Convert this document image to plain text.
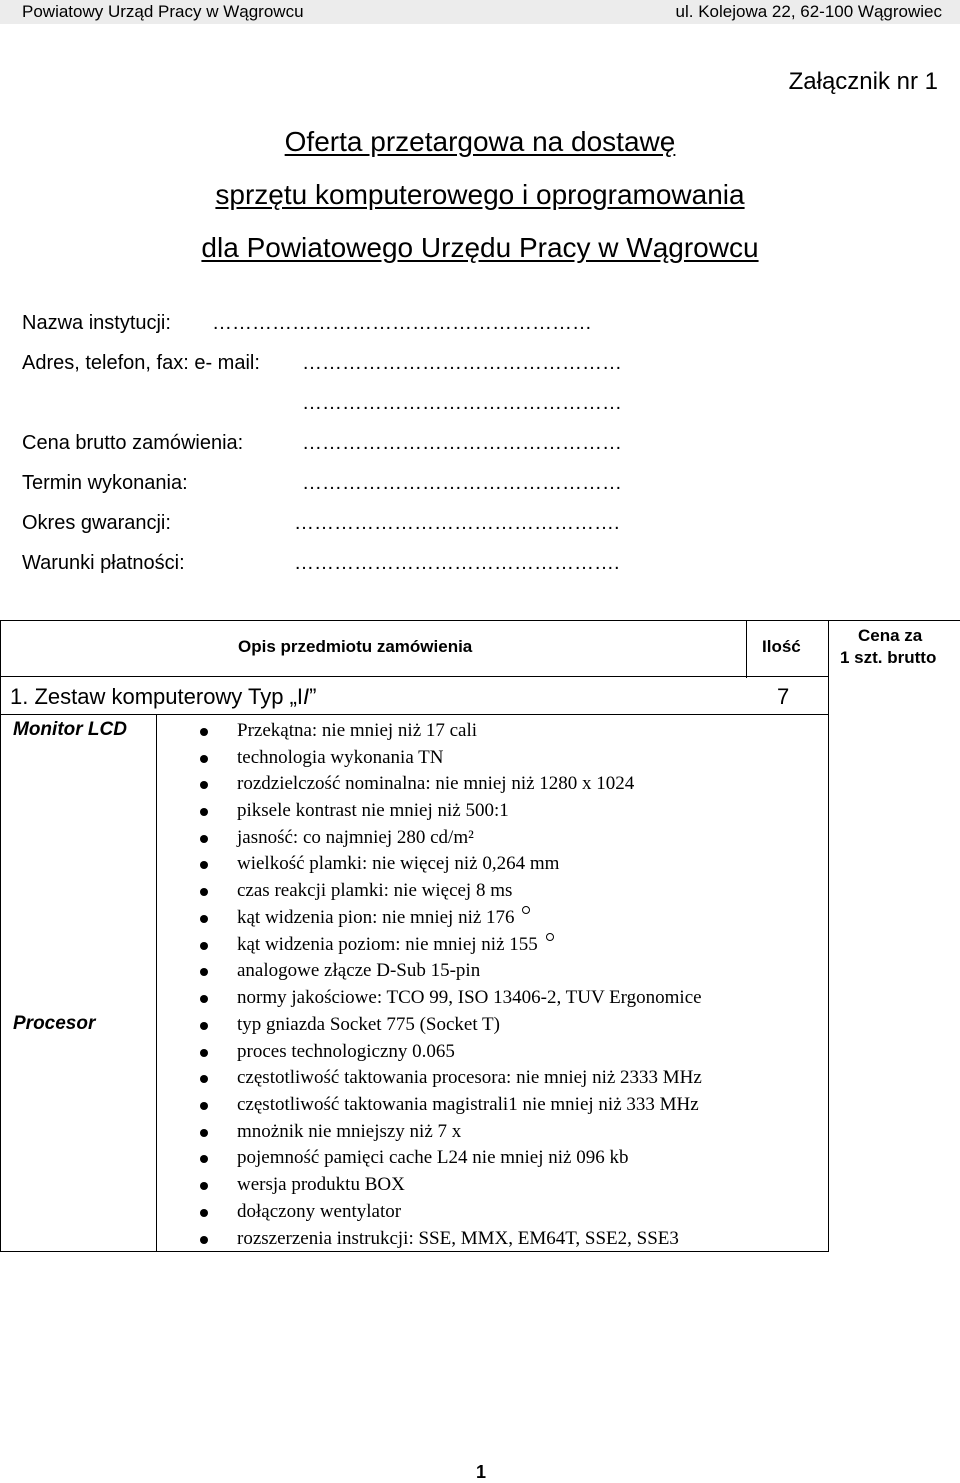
Powiatowy Urząd Pracy w Wągrowcu	ul. Kolejowa 22, 62-100 Wągrowiec
Załącznik nr 1
Oferta przetargowa na dostawę
sprzętu komputerowego i oprogramowania
dla Powiatowego Urzędu Pracy w Wągrowcu
Nazwa instytucji: …………………………………………………
Adres, telefon, fax: e- mail: …………………………………………
…………………………………………
Cena brutto zamówienia:	…………………………………………
Termin wykonania:	…………………………………………
Okres gwarancji:	………………………………………….
Warunki płatności:	………………………………………….
Opis przedmiotu zamówienia	Ilość
Cena za
1 szt. brutto
1. Zestaw komputerowy Typ „II”	7
Monitor LCD	Przekątna: nie mniej niż 17 cali
technologia wykonania TN
rozdzielczość nominalna: nie mniej niż 1280 x 1024
piksele kontrast nie mniej niż 500:1
jasność: co najmniej 280 cd/m²
wielkość plamki: nie więcej niż 0,264 mm
czas reakcji plamki: nie więcej 8 ms
kąt widzenia pion: nie mniej niż 176
kąt widzenia poziom: nie mniej niż 155
analogowe złącze D-Sub 15-pin
normy jakościowe: TCO 99, ISO 13406-2, TUV Ergonomice
Procesor	typ gniazda Socket 775 (Socket T)
proces technologiczny 0.065
częstotliwość taktowania procesora: nie mniej niż 2333 MHz
częstotliwość taktowania magistrali1 nie mniej niż 333 MHz
mnożnik nie mniejszy niż 7 x
pojemność pamięci cache L24 nie mniej niż 096 kb
wersja produktu BOX
dołączony wentylator
rozszerzenia instrukcji: SSE, MMX, EM64T, SSE2, SSE3
1
